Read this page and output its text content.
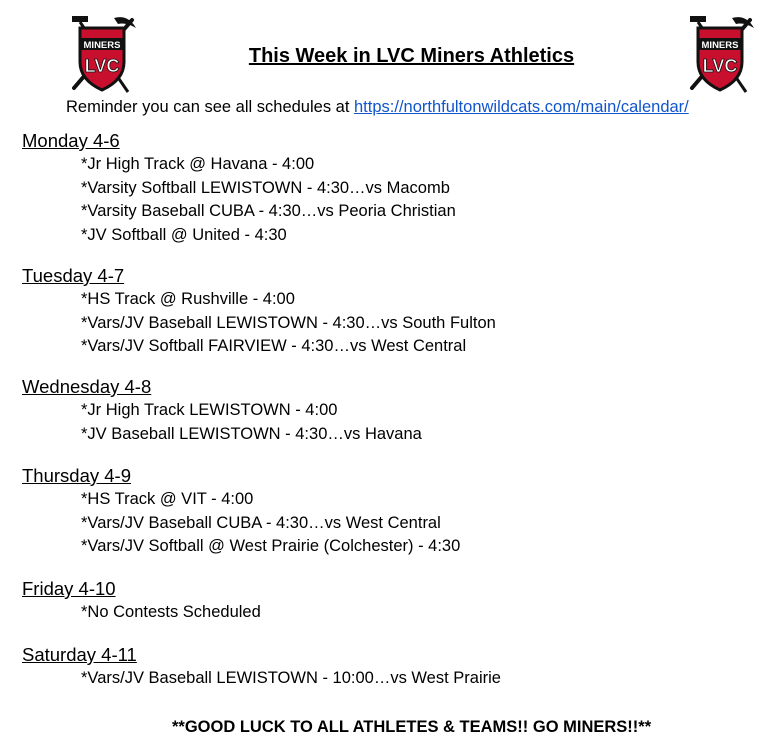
MINERS
LVC
MINERS
LVC
This Week in LVC Miners Athletics
Reminder you can see all schedules at https://northfultonwildcats.com/main/calendar/
Monday 4-6
*Jr High Track @ Havana - 4:00
*Varsity Softball LEWISTOWN - 4:30…vs Macomb
*Varsity Baseball CUBA - 4:30…vs Peoria Christian
*JV Softball @ United - 4:30
Tuesday 4-7
*HS Track @ Rushville - 4:00
*Vars/JV Baseball LEWISTOWN - 4:30…vs South Fulton
*Vars/JV Softball FAIRVIEW - 4:30…vs West Central
Wednesday 4-8
*Jr High Track LEWISTOWN - 4:00
*JV Baseball LEWISTOWN - 4:30…vs Havana
Thursday 4-9
*HS Track @ VIT - 4:00
*Vars/JV Baseball CUBA - 4:30…vs West Central
*Vars/JV Softball @ West Prairie (Colchester) - 4:30
Friday 4-10
*No Contests Scheduled
Saturday 4-11
*Vars/JV Baseball LEWISTOWN - 10:00…vs West Prairie
**GOOD LUCK TO ALL ATHLETES & TEAMS!! GO MINERS!!**
